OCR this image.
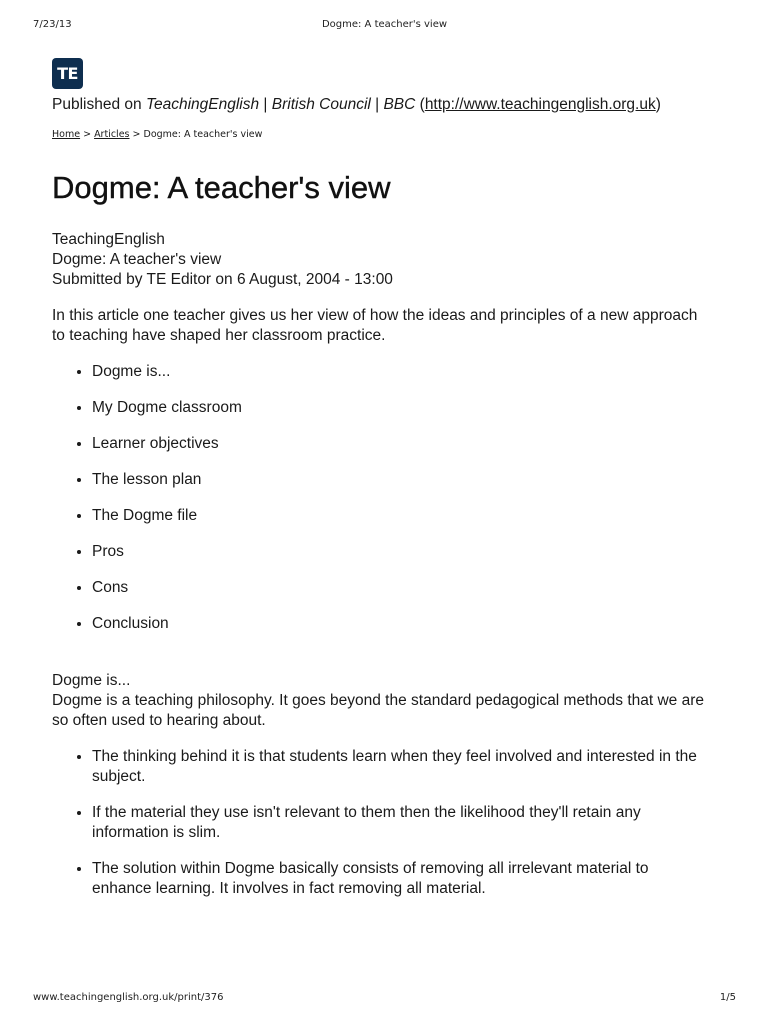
7/23/13	Dogme: A teacher's view
TE
Published on TeachingEnglish | British Council | BBC (http://www.teachingenglish.org.uk)
Home > Articles > Dogme: A teacher's view
Dogme: A teacher's view
TeachingEnglish
Dogme: A teacher's view
Submitted by TE Editor on 6 August, 2004 - 13:00

In this article one teacher gives us her view of how the ideas and principles of a new approach to teaching have shaped her classroom practice.

• Dogme is...
• My Dogme classroom
• Learner objectives
• The lesson plan
• The Dogme file
• Pros
• Cons
• Conclusion

Dogme is...

Dogme is a teaching philosophy. It goes beyond the standard pedagogical methods that we are so often used to hearing about.

• The thinking behind it is that students learn when they feel involved and interested in the subject.
• If the material they use isn't relevant to them then the likelihood they'll retain any information is slim.
• The solution within Dogme basically consists of removing all irrelevant material to enhance learning. It involves in fact removing all material.
www.teachingenglish.org.uk/print/376	1/5
